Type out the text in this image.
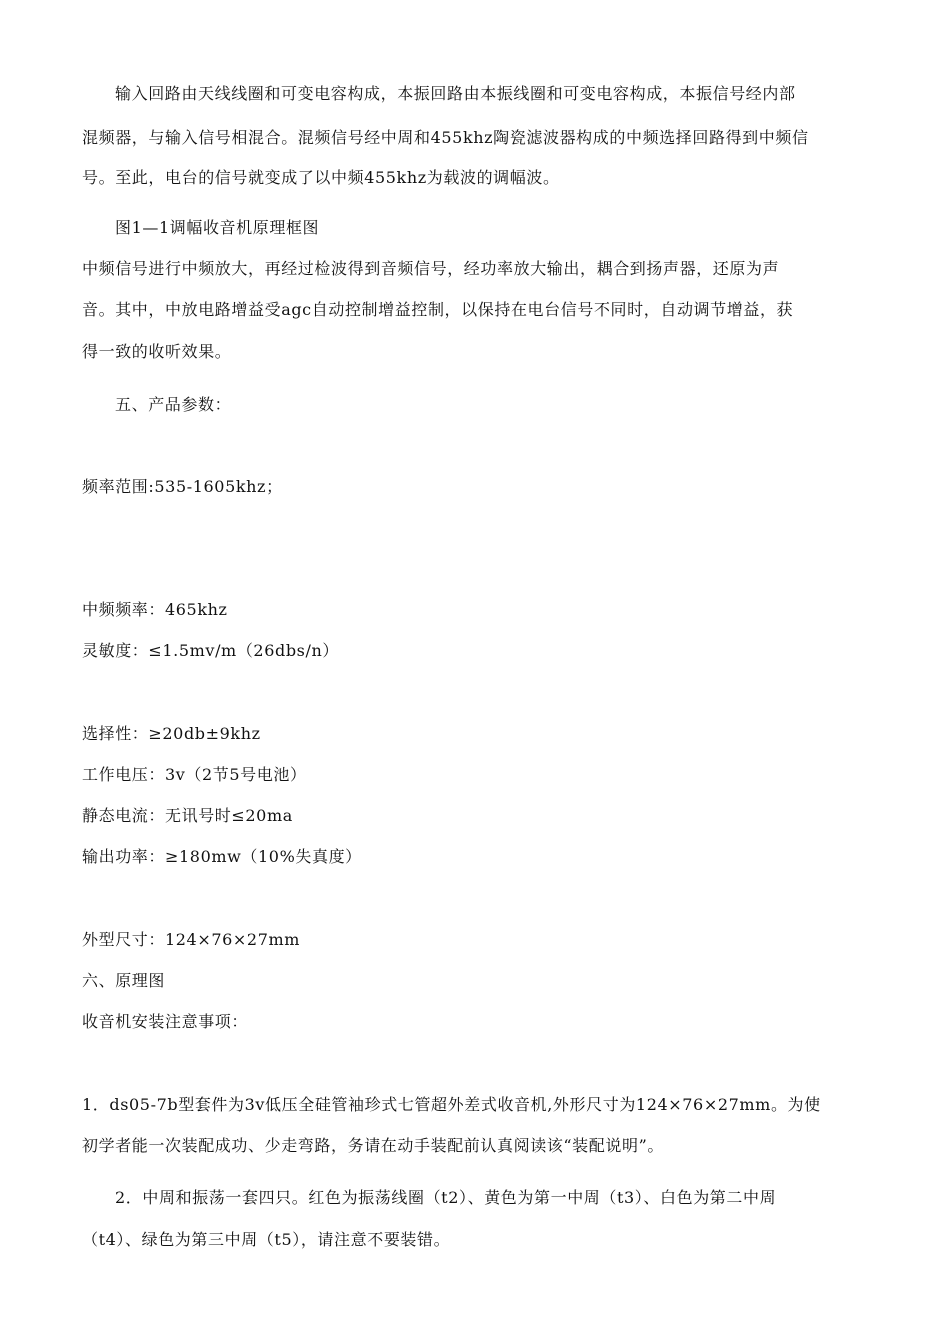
输入回路由天线线圈和可变电容构成，本振回路由本振线圈和可变电容构成，本振信号经内部

混频器，与输入信号相混合。混频信号经中周和455khz陶瓷滤波器构成的中频选择回路得到中频信

号。至此，电台的信号就变成了以中频455khz为载波的调幅波。

图1—1调幅收音机原理框图

中频信号进行中频放大，再经过检波得到音频信号，经功率放大输出，耦合到扬声器，还原为声

音。其中，中放电路增益受agc自动控制增益控制，以保持在电台信号不同时，自动调节增益，获

得一致的收听效果。

五、产品参数：

频率范围:535-1605khz；

中频频率：465khz

灵敏度：≤1.5mv/m（26dbs/n）

选择性：≥20db±9khz

工作电压：3v（2节5号电池）

静态电流：无讯号时≤20ma

输出功率：≥180mw（10%失真度）

外型尺寸：124×76×27mm

六、原理图

收音机安装注意事项：

1．ds05-7b型套件为3v低压全硅管袖珍式七管超外差式收音机,外形尺寸为124×76×27mm。为使

初学者能一次装配成功、少走弯路，务请在动手装配前认真阅读该“装配说明”。

2．中周和振荡一套四只。红色为振荡线圈（t2）、黄色为第一中周（t3）、白色为第二中周

（t4）、绿色为第三中周（t5），请注意不要装错。
